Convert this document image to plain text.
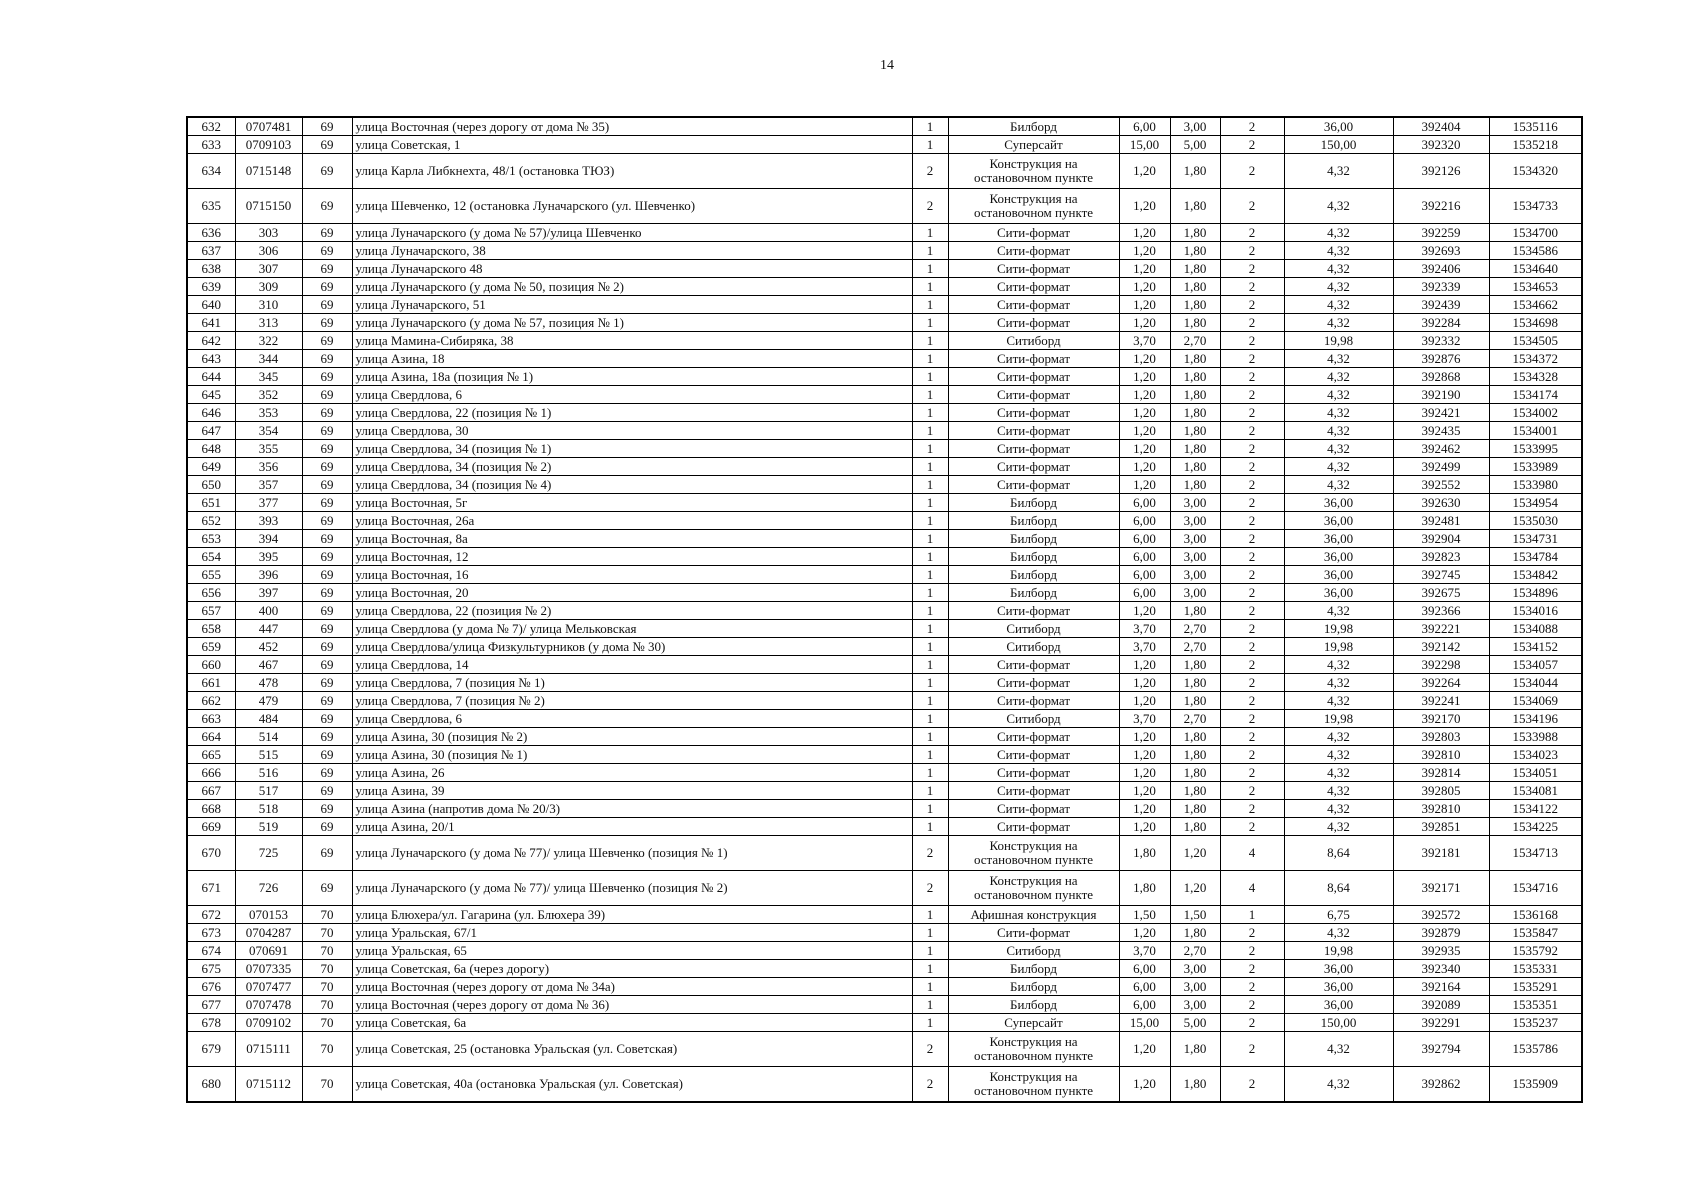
14
632	0707481	69	улица Восточная (через дорогу от дома № 35)	1	Билборд	6,00	3,00	2	36,00	392404	1535116
633	0709103	69	улица Советская, 1	1	Суперсайт	15,00	5,00	2	150,00	392320	1535218
634	0715148	69	улица Карла Либкнехта, 48/1 (остановка ТЮЗ)	2	Конструкция на остановочном пункте	1,20	1,80	2	4,32	392126	1534320
635	0715150	69	улица Шевченко, 12 (остановка Луначарского (ул. Шевченко)	2	Конструкция на остановочном пункте	1,20	1,80	2	4,32	392216	1534733
636	303	69	улица Луначарского (у дома № 57)/улица Шевченко	1	Сити-формат	1,20	1,80	2	4,32	392259	1534700
637	306	69	улица Луначарского, 38	1	Сити-формат	1,20	1,80	2	4,32	392693	1534586
638	307	69	улица Луначарского 48	1	Сити-формат	1,20	1,80	2	4,32	392406	1534640
639	309	69	улица Луначарского (у дома № 50, позиция № 2)	1	Сити-формат	1,20	1,80	2	4,32	392339	1534653
640	310	69	улица Луначарского, 51	1	Сити-формат	1,20	1,80	2	4,32	392439	1534662
641	313	69	улица Луначарского (у дома № 57, позиция № 1)	1	Сити-формат	1,20	1,80	2	4,32	392284	1534698
642	322	69	улица Мамина-Сибиряка, 38	1	Ситиборд	3,70	2,70	2	19,98	392332	1534505
643	344	69	улица Азина, 18	1	Сити-формат	1,20	1,80	2	4,32	392876	1534372
644	345	69	улица Азина, 18а (позиция № 1)	1	Сити-формат	1,20	1,80	2	4,32	392868	1534328
645	352	69	улица Свердлова, 6	1	Сити-формат	1,20	1,80	2	4,32	392190	1534174
646	353	69	улица Свердлова, 22 (позиция № 1)	1	Сити-формат	1,20	1,80	2	4,32	392421	1534002
647	354	69	улица Свердлова, 30	1	Сити-формат	1,20	1,80	2	4,32	392435	1534001
648	355	69	улица Свердлова, 34 (позиция № 1)	1	Сити-формат	1,20	1,80	2	4,32	392462	1533995
649	356	69	улица Свердлова, 34 (позиция № 2)	1	Сити-формат	1,20	1,80	2	4,32	392499	1533989
650	357	69	улица Свердлова, 34 (позиция № 4)	1	Сити-формат	1,20	1,80	2	4,32	392552	1533980
651	377	69	улица Восточная, 5г	1	Билборд	6,00	3,00	2	36,00	392630	1534954
652	393	69	улица Восточная, 26а	1	Билборд	6,00	3,00	2	36,00	392481	1535030
653	394	69	улица Восточная, 8а	1	Билборд	6,00	3,00	2	36,00	392904	1534731
654	395	69	улица Восточная, 12	1	Билборд	6,00	3,00	2	36,00	392823	1534784
655	396	69	улица Восточная, 16	1	Билборд	6,00	3,00	2	36,00	392745	1534842
656	397	69	улица Восточная, 20	1	Билборд	6,00	3,00	2	36,00	392675	1534896
657	400	69	улица Свердлова, 22 (позиция № 2)	1	Сити-формат	1,20	1,80	2	4,32	392366	1534016
658	447	69	улица Свердлова (у дома № 7)/ улица Мельковская	1	Ситиборд	3,70	2,70	2	19,98	392221	1534088
659	452	69	улица Свердлова/улица Физкультурников (у дома № 30)	1	Ситиборд	3,70	2,70	2	19,98	392142	1534152
660	467	69	улица Свердлова, 14	1	Сити-формат	1,20	1,80	2	4,32	392298	1534057
661	478	69	улица Свердлова, 7 (позиция № 1)	1	Сити-формат	1,20	1,80	2	4,32	392264	1534044
662	479	69	улица Свердлова, 7 (позиция № 2)	1	Сити-формат	1,20	1,80	2	4,32	392241	1534069
663	484	69	улица Свердлова, 6	1	Ситиборд	3,70	2,70	2	19,98	392170	1534196
664	514	69	улица Азина, 30 (позиция № 2)	1	Сити-формат	1,20	1,80	2	4,32	392803	1533988
665	515	69	улица Азина, 30 (позиция № 1)	1	Сити-формат	1,20	1,80	2	4,32	392810	1534023
666	516	69	улица Азина, 26	1	Сити-формат	1,20	1,80	2	4,32	392814	1534051
667	517	69	улица Азина, 39	1	Сити-формат	1,20	1,80	2	4,32	392805	1534081
668	518	69	улица Азина (напротив дома № 20/3)	1	Сити-формат	1,20	1,80	2	4,32	392810	1534122
669	519	69	улица Азина, 20/1	1	Сити-формат	1,20	1,80	2	4,32	392851	1534225
670	725	69	улица Луначарского (у дома № 77)/ улица Шевченко (позиция № 1)	2	Конструкция на остановочном пункте	1,80	1,20	4	8,64	392181	1534713
671	726	69	улица Луначарского (у дома № 77)/ улица Шевченко (позиция № 2)	2	Конструкция на остановочном пункте	1,80	1,20	4	8,64	392171	1534716
672	070153	70	улица Блюхера/ул. Гагарина (ул. Блюхера 39)	1	Афишная конструкция	1,50	1,50	1	6,75	392572	1536168
673	0704287	70	улица Уральская, 67/1	1	Сити-формат	1,20	1,80	2	4,32	392879	1535847
674	070691	70	улица Уральская, 65	1	Ситиборд	3,70	2,70	2	19,98	392935	1535792
675	0707335	70	улица Советская, 6а (через дорогу)	1	Билборд	6,00	3,00	2	36,00	392340	1535331
676	0707477	70	улица Восточная (через дорогу от дома № 34а)	1	Билборд	6,00	3,00	2	36,00	392164	1535291
677	0707478	70	улица Восточная (через дорогу от дома № 36)	1	Билборд	6,00	3,00	2	36,00	392089	1535351
678	0709102	70	улица Советская, 6а	1	Суперсайт	15,00	5,00	2	150,00	392291	1535237
679	0715111	70	улица Советская, 25 (остановка Уральская (ул. Советская)	2	Конструкция на остановочном пункте	1,20	1,80	2	4,32	392794	1535786
680	0715112	70	улица Советская, 40а (остановка Уральская (ул. Советская)	2	Конструкция на остановочном пункте	1,20	1,80	2	4,32	392862	1535909
